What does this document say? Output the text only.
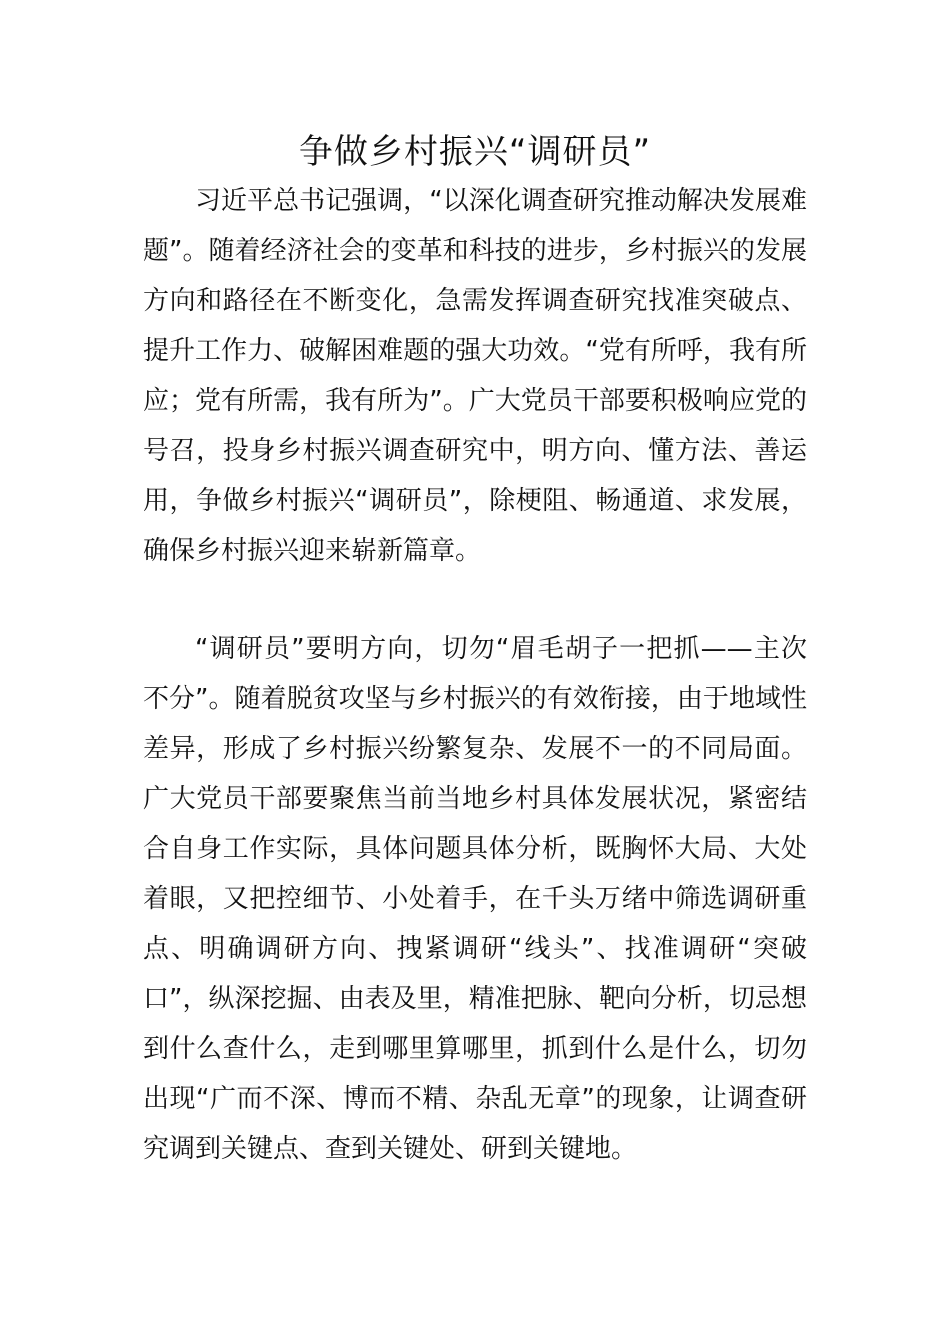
争做乡村振兴“调研员”

习近平总书记强调，“以深化调查研究推动解决发展难题”。随着经济社会的变革和科技的进步，乡村振兴的发展方向和路径在不断变化，急需发挥调查研究找准突破点、提升工作力、破解困难题的强大功效。“党有所呼，我有所应；党有所需，我有所为”。广大党员干部要积极响应党的号召，投身乡村振兴调查研究中，明方向、懂方法、善运用，争做乡村振兴“调研员”，除梗阻、畅通道、求发展，确保乡村振兴迎来崭新篇章。

“调研员”要明方向，切勿“眉毛胡子一把抓——主次不分”。随着脱贫攻坚与乡村振兴的有效衔接，由于地域性差异，形成了乡村振兴纷繁复杂、发展不一的不同局面。广大党员干部要聚焦当前当地乡村具体发展状况，紧密结合自身工作实际，具体问题具体分析，既胸怀大局、大处着眼，又把控细节、小处着手，在千头万绪中筛选调研重点、明确调研方向、拽紧调研“线头”、找准调研“突破口”，纵深挖掘、由表及里，精准把脉、靶向分析，切忌想到什么查什么，走到哪里算哪里，抓到什么是什么，切勿出现“广而不深、博而不精、杂乱无章”的现象，让调查研究调到关键点、查到关键处、研到关键地。
